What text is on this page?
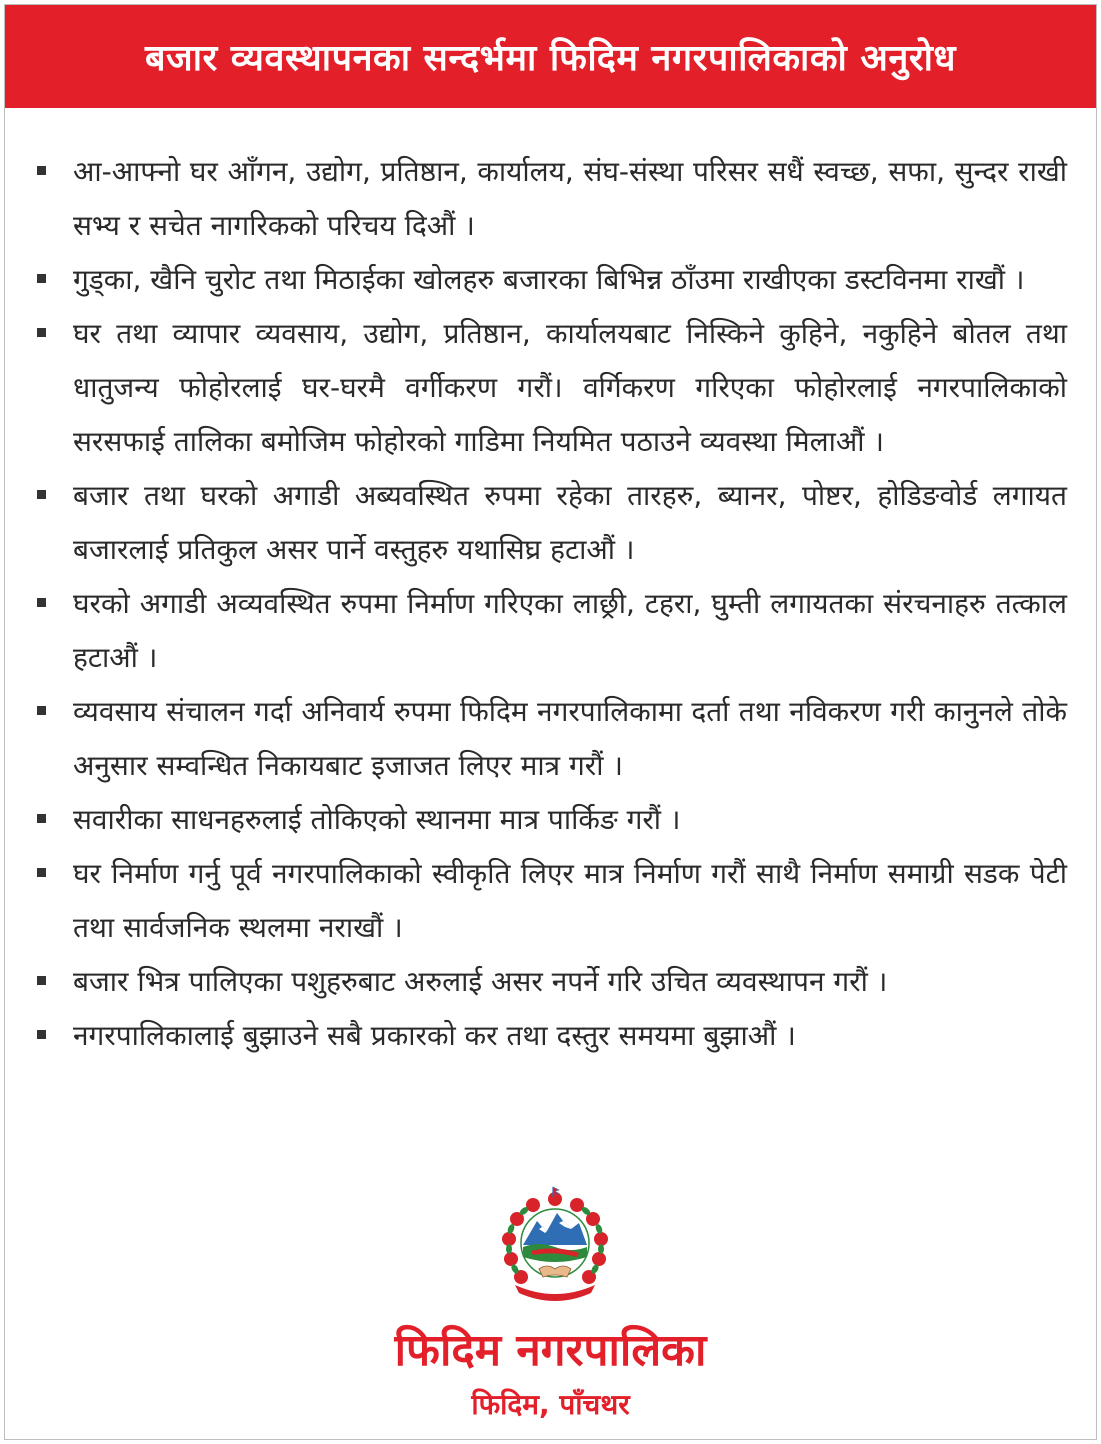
बजार व्यवस्थापनका सन्दर्भमा फिदिम नगरपालिकाको अनुरोध
आ-आफ्नो घर आँगन, उद्योग, प्रतिष्ठान, कार्यालय, संघ-संस्था परिसर सधैं स्वच्छ, सफा, सुन्दर राखी सभ्य र सचेत नागरिकको परिचय दिऔं ।
गुड्का, खैनि चुरोट तथा मिठाईका खोलहरु बजारका बिभिन्न ठाँउमा राखीएका डस्टविनमा राखौं ।
घर तथा व्यापार व्यवसाय, उद्योग, प्रतिष्ठान, कार्यालयबाट निस्किने कुहिने, नकुहिने बोतल तथा धातुजन्य फोहोरलाई घर-घरमै वर्गीकरण गरौं। वर्गिकरण गरिएका फोहोरलाई नगरपालिकाको सरसफाई तालिका बमोजिम फोहोरको गाडिमा नियमित पठाउने व्यवस्था मिलाऔं ।
बजार तथा घरको अगाडी अब्यवस्थित रुपमा रहेका तारहरु, ब्यानर, पोष्टर, होडिङवोर्ड लगायत बजारलाई प्रतिकुल असर पार्ने वस्तुहरु यथासिघ्र हटाऔं ।
घरको अगाडी अव्यवस्थित रुपमा निर्माण गरिएका लाछ्री, टहरा, घुम्ती लगायतका संरचनाहरु तत्काल हटाऔं ।
व्यवसाय संचालन गर्दा अनिवार्य रुपमा फिदिम नगरपालिकामा दर्ता तथा नविकरण गरी कानुनले तोके अनुसार सम्वन्धित निकायबाट इजाजत लिएर मात्र गरौं ।
सवारीका साधनहरुलाई तोकिएको स्थानमा मात्र पार्किङ गरौं ।
घर निर्माण गर्नु पूर्व नगरपालिकाको स्वीकृति लिएर मात्र निर्माण गरौं साथै निर्माण समाग्री सडक पेटी तथा सार्वजनिक स्थलमा नराखौं ।
बजार भित्र पालिएका पशुहरुबाट अरुलाई असर नपर्ने गरि उचित व्यवस्थापन गरौं ।
नगरपालिकालाई बुझाउने सबै प्रकारको कर तथा दस्तुर समयमा बुझाऔं ।
फिदिम नगरपालिका
फिदिम, पाँचथर
